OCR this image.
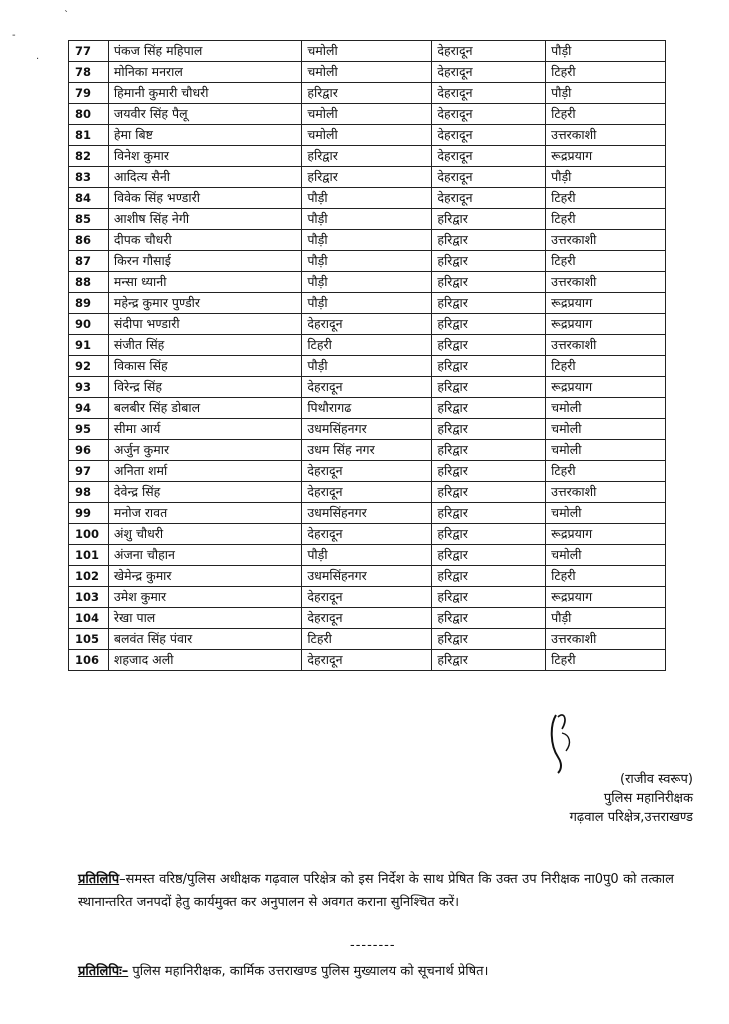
‑
·
`
77	पंकज सिंह महिपाल	चमोली	देहरादून	पौड़ी
78	मोनिका मनराल	चमोली	देहरादून	टिहरी
79	हिमानी कुमारी चौधरी	हरिद्वार	देहरादून	पौड़ी
80	जयवीर सिंह पैलू	चमोली	देहरादून	टिहरी
81	हेमा बिष्ट	चमोली	देहरादून	उत्तरकाशी
82	विनेश कुमार	हरिद्वार	देहरादून	रूद्रप्रयाग
83	आदित्य सैनी	हरिद्वार	देहरादून	पौड़ी
84	विवेक सिंह भण्डारी	पौड़ी	देहरादून	टिहरी
85	आशीष सिंह नेगी	पौड़ी	हरिद्वार	टिहरी
86	दीपक चौधरी	पौड़ी	हरिद्वार	उत्तरकाशी
87	किरन गौसाई	पौड़ी	हरिद्वार	टिहरी
88	मन्सा ध्यानी	पौड़ी	हरिद्वार	उत्तरकाशी
89	महेन्द्र कुमार पुण्डीर	पौड़ी	हरिद्वार	रूद्रप्रयाग
90	संदीपा भण्डारी	देहरादून	हरिद्वार	रूद्रप्रयाग
91	संजीत सिंह	टिहरी	हरिद्वार	उत्तरकाशी
92	विकास सिंह	पौड़ी	हरिद्वार	टिहरी
93	विरेन्द्र सिंह	देहरादून	हरिद्वार	रूद्रप्रयाग
94	बलबीर सिंह डोबाल	पिथौरागढ	हरिद्वार	चमोली
95	सीमा आर्य	उधमसिंहनगर	हरिद्वार	चमोली
96	अर्जुन कुमार	उधम सिंह नगर	हरिद्वार	चमोली
97	अनिता शर्मा	देहरादून	हरिद्वार	टिहरी
98	देवेन्द्र सिंह	देहरादून	हरिद्वार	उत्तरकाशी
99	मनोज रावत	उधमसिंहनगर	हरिद्वार	चमोली
100	अंशु चौधरी	देहरादून	हरिद्वार	रूद्रप्रयाग
101	अंजना चौहान	पौड़ी	हरिद्वार	चमोली
102	खेमेन्द्र कुमार	उधमसिंहनगर	हरिद्वार	टिहरी
103	उमेश कुमार	देहरादून	हरिद्वार	रूद्रप्रयाग
104	रेखा पाल	देहरादून	हरिद्वार	पौड़ी
105	बलवंत सिंह पंवार	टिहरी	हरिद्वार	उत्तरकाशी
106	शहजाद अली	देहरादून	हरिद्वार	टिहरी
(राजीव स्वरूप)
पुलिस महानिरीक्षक
गढ़वाल परिक्षेत्र,उत्तराखण्ड
प्रतिलिपि–समस्त वरिष्ठ/पुलिस अधीक्षक गढ़वाल परिक्षेत्र को इस निर्देश के साथ प्रेषित कि उक्त उप निरीक्षक ना0पु0 को तत्काल स्थानान्तरित जनपदों हेतु कार्यमुक्त कर अनुपालन से अवगत कराना सुनिश्चित करें।
--------
प्रतिलिपिः– पुलिस महानिरीक्षक, कार्मिक उत्तराखण्ड पुलिस मुख्यालय को सूचनार्थ प्रेषित।
